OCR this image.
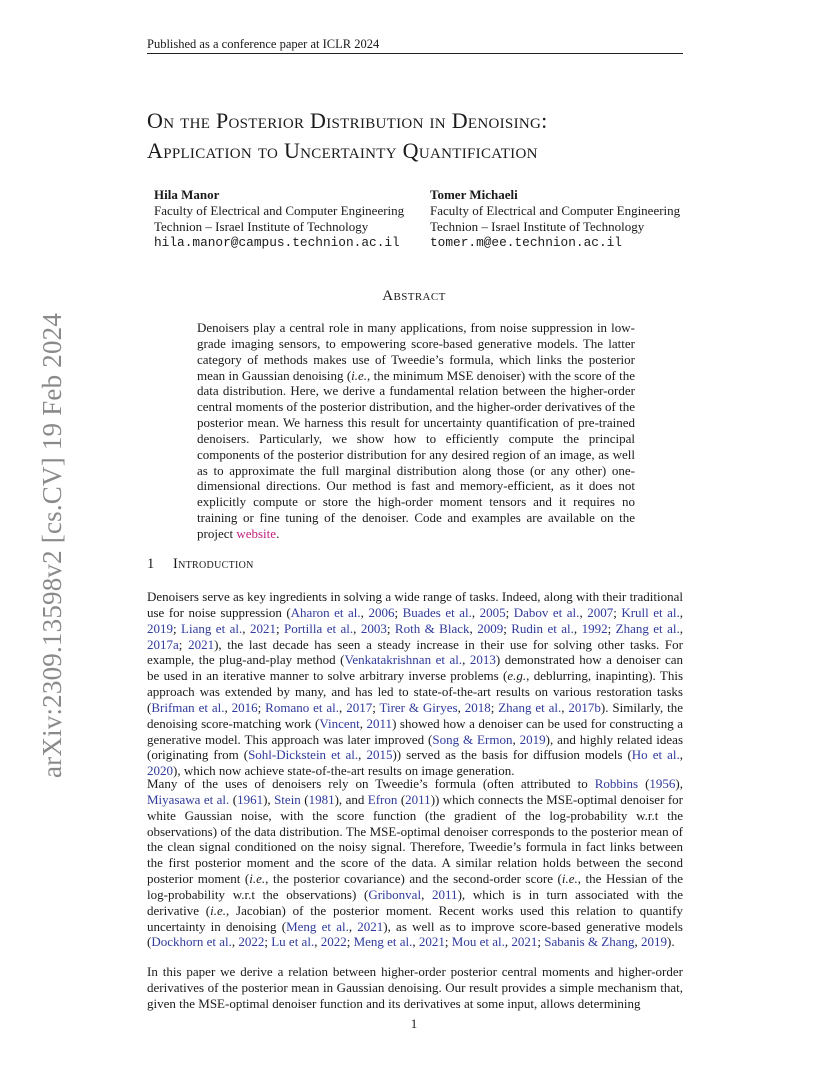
Published as a conference paper at ICLR 2024
arXiv:2309.13598v2 [cs.CV] 19 Feb 2024
On the Posterior Distribution in Denoising:
Application to Uncertainty Quantification
Hila Manor
Faculty of Electrical and Computer Engineering
Technion – Israel Institute of Technology
hila.manor@campus.technion.ac.il
Tomer Michaeli
Faculty of Electrical and Computer Engineering
Technion – Israel Institute of Technology
tomer.m@ee.technion.ac.il
Abstract
Denoisers play a central role in many applications, from noise suppression in low-grade imaging sensors, to empowering score-based generative models. The latter category of methods makes use of Tweedie’s formula, which links the posterior mean in Gaussian denoising (i.e., the minimum MSE denoiser) with the score of the data distribution. Here, we derive a fundamental relation between the higher-order central moments of the posterior distribution, and the higher-order derivatives of the posterior mean. We harness this result for uncertainty quantification of pre-trained denoisers. Particularly, we show how to efficiently compute the principal components of the posterior distribution for any desired region of an image, as well as to approximate the full marginal distribution along those (or any other) one-dimensional directions. Our method is fast and memory-efficient, as it does not explicitly compute or store the high-order moment tensors and it requires no training or fine tuning of the denoiser. Code and examples are available on the project website.
1 Introduction
Denoisers serve as key ingredients in solving a wide range of tasks. Indeed, along with their traditional use for noise suppression (Aharon et al., 2006; Buades et al., 2005; Dabov et al., 2007; Krull et al., 2019; Liang et al., 2021; Portilla et al., 2003; Roth & Black, 2009; Rudin et al., 1992; Zhang et al., 2017a; 2021), the last decade has seen a steady increase in their use for solving other tasks. For example, the plug-and-play method (Venkatakrishnan et al., 2013) demonstrated how a denoiser can be used in an iterative manner to solve arbitrary inverse problems (e.g., deblurring, inapinting). This approach was extended by many, and has led to state-of-the-art results on various restoration tasks (Brifman et al., 2016; Romano et al., 2017; Tirer & Giryes, 2018; Zhang et al., 2017b). Similarly, the denoising score-matching work (Vincent, 2011) showed how a denoiser can be used for constructing a generative model. This approach was later improved (Song & Ermon, 2019), and highly related ideas (originating from (Sohl-Dickstein et al., 2015)) served as the basis for diffusion models (Ho et al., 2020), which now achieve state-of-the-art results on image generation.
Many of the uses of denoisers rely on Tweedie’s formula (often attributed to Robbins (1956), Miyasawa et al. (1961), Stein (1981), and Efron (2011)) which connects the MSE-optimal denoiser for white Gaussian noise, with the score function (the gradient of the log-probability w.r.t the observations) of the data distribution. The MSE-optimal denoiser corresponds to the posterior mean of the clean signal conditioned on the noisy signal. Therefore, Tweedie’s formula in fact links between the first posterior moment and the score of the data. A similar relation holds between the second posterior moment (i.e., the posterior covariance) and the second-order score (i.e., the Hessian of the log-probability w.r.t the observations) (Gribonval, 2011), which is in turn associated with the derivative (i.e., Jacobian) of the posterior moment. Recent works used this relation to quantify uncertainty in denoising (Meng et al., 2021), as well as to improve score-based generative models (Dockhorn et al., 2022; Lu et al., 2022; Meng et al., 2021; Mou et al., 2021; Sabanis & Zhang, 2019).
In this paper we derive a relation between higher-order posterior central moments and higher-order derivatives of the posterior mean in Gaussian denoising. Our result provides a simple mechanism that, given the MSE-optimal denoiser function and its derivatives at some input, allows determining
1
